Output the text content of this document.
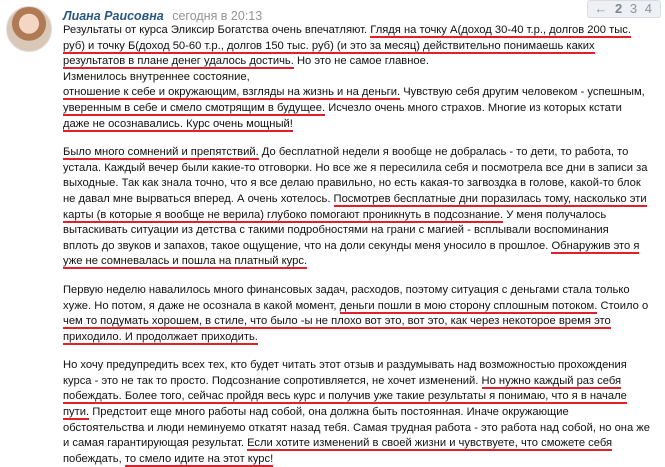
Лиана Раисовна сегодня в 20:13	← 2 3 4

Результаты от курса Эликсир Богатства очень впечатляют. Глядя на точку А(доход 30-40 т.р., долгов 200 тыс.
руб) и точку Б(доход 50-60 т.р., долгов 150 тыс. руб) (и это за месяц) действительно понимаешь каких
результатов в плане денег удалось достичь. Но это не самое главное.
Изменилось внутреннее состояние,
отношение к себе и окружающим, взгляды на жизнь и на деньги. Чувствую себя другим человеком - успешным,
уверенным в себе и смело смотрящим в будущее. Исчезло очень много страхов. Многие из которых кстати
даже не осознавались. Курс очень мощный!

Было много сомнений и препятствий. До бесплатной недели я вообще не добралась - то дети, то работа, то
устала. Каждый вечер были какие-то отговорки. Но все же я пересилила себя и посмотрела все дни в записи за
выходные. Так как знала точно, что я все делаю правильно, но есть какая-то загвоздка в голове, какой-то блок
не давал мне вырваться вперед. А очень хотелось. Посмотрев бесплатные дни поразилась тому, насколько эти
карты (в которые я вообще не верила) глубоко помогают проникнуть в подсознание. У меня получалось
вытаскивать ситуации из детства с такими подробностями на грани с магией - всплывали воспоминания
вплоть до звуков и запахов, такое ощущение, что на доли секунды меня уносило в прошлое. Обнаружив это я
уже не сомневалась и пошла на платный курс.

Первую неделю навалилось много финансовых задач, расходов, поэтому ситуация с деньгами стала только
хуже. Но потом, я даже не осознала в какой момент, деньги пошли в мою сторону сплошным потоком. Стоило о
чем то подумать хорошем, в стиле, что было -ы не плохо вот это, вот это, как через некоторое время это
приходило. И продолжает приходить.

Но хочу предупредить всех тех, кто будет читать этот отзыв и раздумывать над возможностью прохождения
курса - это не так то просто. Подсознание сопротивляется, не хочет изменений. Но нужно каждый раз себя
побеждать. Более того, сейчас пройдя весь курс и получив уже такие результаты я понимаю, что я в начале
пути. Предстоит еще много работы над собой, она должна быть постоянная. Иначе окружающие
обстоятельства и люди неминуемо откатят назад тебя. Самая трудная работа - это работа над собой, но она же
и самая гарантирующая результат. Если хотите изменений в своей жизни и чувствуете, что сможете себя
побеждать, то смело идите на этот курс!
